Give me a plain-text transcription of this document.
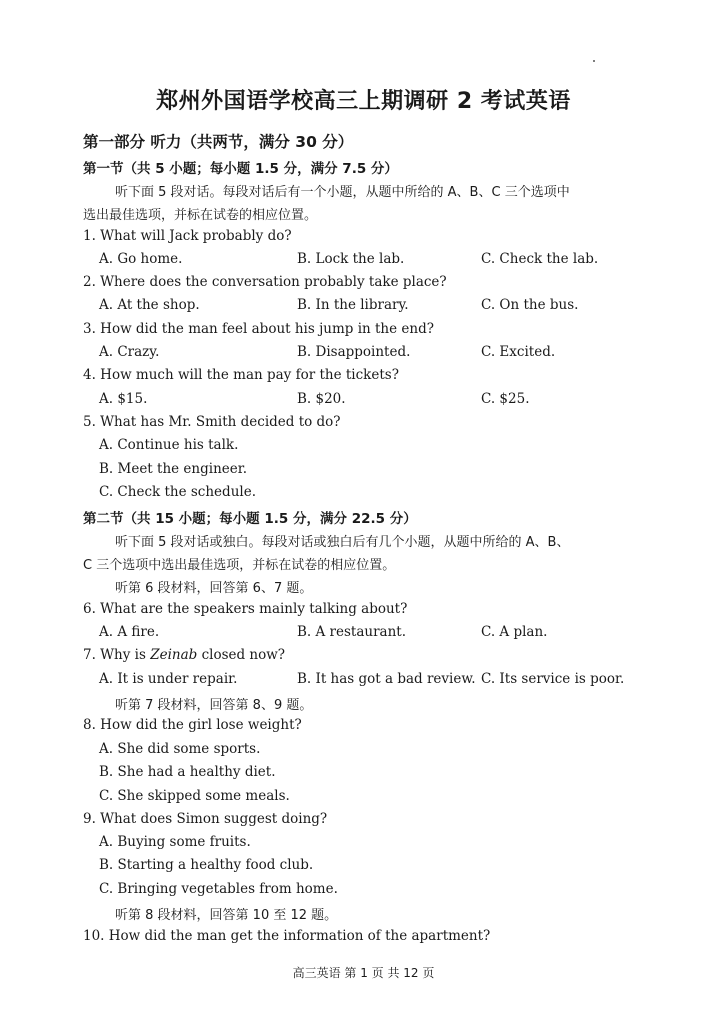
郑州外国语学校高三上期调研 2 考试英语
第一部分 听力（共两节，满分 30 分）
第一节（共 5 小题；每小题 1.5 分，满分 7.5 分）
听下面 5 段对话。每段对话后有一个小题，从题中所给的 A、B、C 三个选项中
选出最佳选项，并标在试卷的相应位置。
1. What will Jack probably do?
A. Go home.	B. Lock the lab.	C. Check the lab.
2. Where does the conversation probably take place?
A. At the shop.	B. In the library.	C. On the bus.
3. How did the man feel about his jump in the end?
A. Crazy.	B. Disappointed.	C. Excited.
4. How much will the man pay for the tickets?
A. $15.	B. $20.	C. $25.
5. What has Mr. Smith decided to do?
A. Continue his talk.
B. Meet the engineer.
C. Check the schedule.
第二节（共 15 小题；每小题 1.5 分，满分 22.5 分）
听下面 5 段对话或独白。每段对话或独白后有几个小题，从题中所给的 A、B、
C 三个选项中选出最佳选项，并标在试卷的相应位置。
听第 6 段材料，回答第 6、7 题。
6. What are the speakers mainly talking about?
A. A fire.	B. A restaurant.	C. A plan.
7. Why is Zeinab closed now?
A. It is under repair.	B. It has got a bad review. C. Its service is poor.
听第 7 段材料，回答第 8、9 题。
8. How did the girl lose weight?
A. She did some sports.
B. She had a healthy diet.
C. She skipped some meals.
9. What does Simon suggest doing?
A. Buying some fruits.
B. Starting a healthy food club.
C. Bringing vegetables from home.
听第 8 段材料，回答第 10 至 12 题。
10. How did the man get the information of the apartment?
高三英语 第 1 页 共 12 页
